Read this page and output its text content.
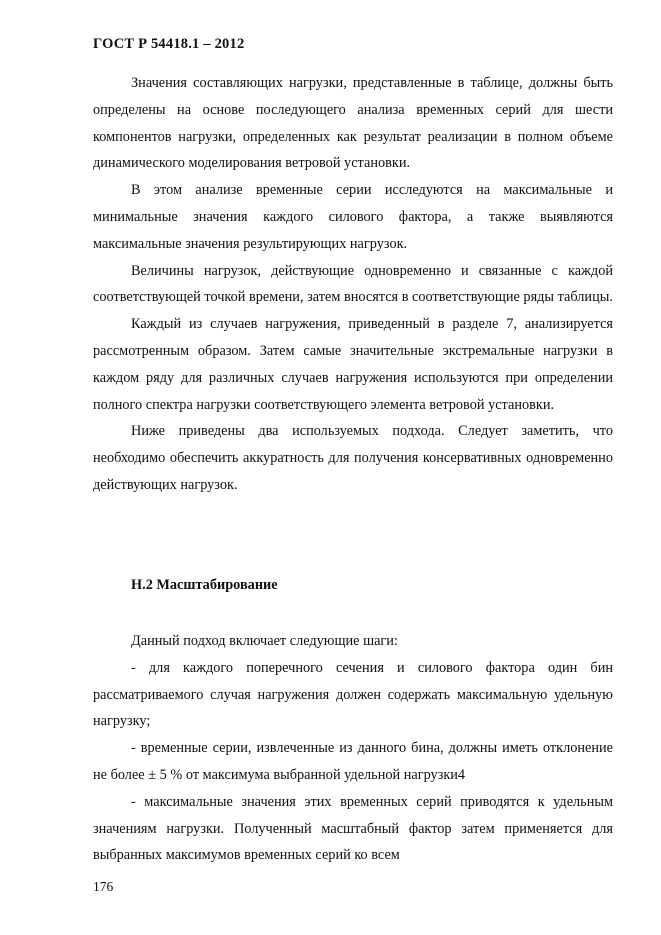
ГОСТ Р 54418.1 – 2012

Значения составляющих нагрузки, представленные в таблице, должны быть определены на основе последующего анализа временных серий для шести компонентов нагрузки, определенных как результат реализации в полном объеме динамического моделирования ветровой установки.

В этом анализе временные серии исследуются на максимальные и минимальные значения каждого силового фактора, а также выявляются максимальные значения результирующих нагрузок.

Величины нагрузок, действующие одновременно и связанные с каждой соответствующей точкой времени, затем вносятся в соответствующие ряды таблицы.

Каждый из случаев нагружения, приведенный в разделе 7, анализируется рассмотренным образом. Затем самые значительные экстремальные нагрузки в каждом ряду для различных случаев нагружения используются при определении полного спектра нагрузки соответствующего элемента ветровой установки.

Ниже приведены два используемых подхода. Следует заметить, что необходимо обеспечить аккуратность для получения консервативных одновременно действующих нагрузок.

Н.2 Масштабирование

Данный подход включает следующие шаги:

- для каждого поперечного сечения и силового фактора один бин рассматриваемого случая нагружения должен содержать максимальную удельную нагрузку;

- временные серии, извлеченные из данного бина, должны иметь отклонение не более ± 5 % от максимума выбранной удельной нагрузки4

- максимальные значения этих временных серий приводятся к удельным значениям нагрузки. Полученный масштабный фактор затем применяется для выбранных максимумов временных серий ко всем

176
